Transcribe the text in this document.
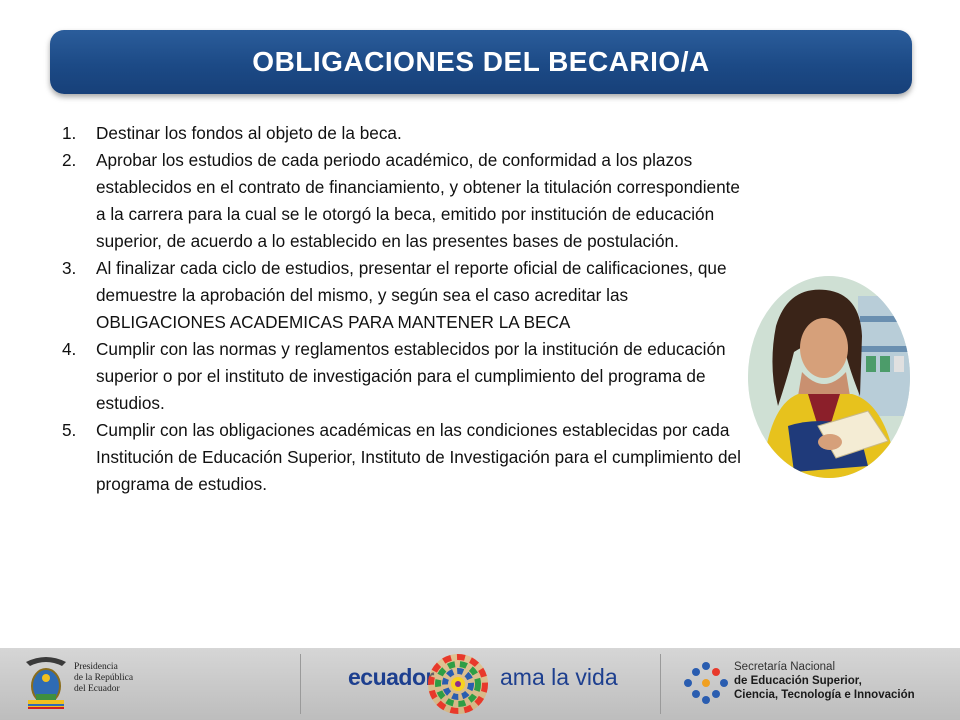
OBLIGACIONES DEL BECARIO/A
1.	Destinar los fondos al objeto de la beca.
2.	Aprobar los estudios de cada periodo académico, de conformidad a los plazos establecidos en el contrato de financiamiento, y obtener la titulación correspondiente a la carrera para la cual se le otorgó la beca, emitido por institución de educación superior, de acuerdo a lo establecido en las presentes bases de postulación.
3.	Al finalizar cada ciclo de estudios, presentar el reporte oficial de calificaciones, que demuestre la aprobación del mismo, y según sea el caso acreditar las OBLIGACIONES ACADEMICAS PARA MANTENER LA BECA
4.	Cumplir con las normas y reglamentos establecidos por la institución de educación superior o por el instituto de investigación para el cumplimiento del programa de estudios.
5.	Cumplir con las obligaciones académicas en las condiciones establecidas por cada Institución de Educación Superior, Instituto de Investigación para el cumplimiento del programa de estudios.
Presidencia
de la República
del Ecuador	ecuador	ama la vida	Secretaría Nacional
de Educación Superior,
Ciencia, Tecnología e Innovación
